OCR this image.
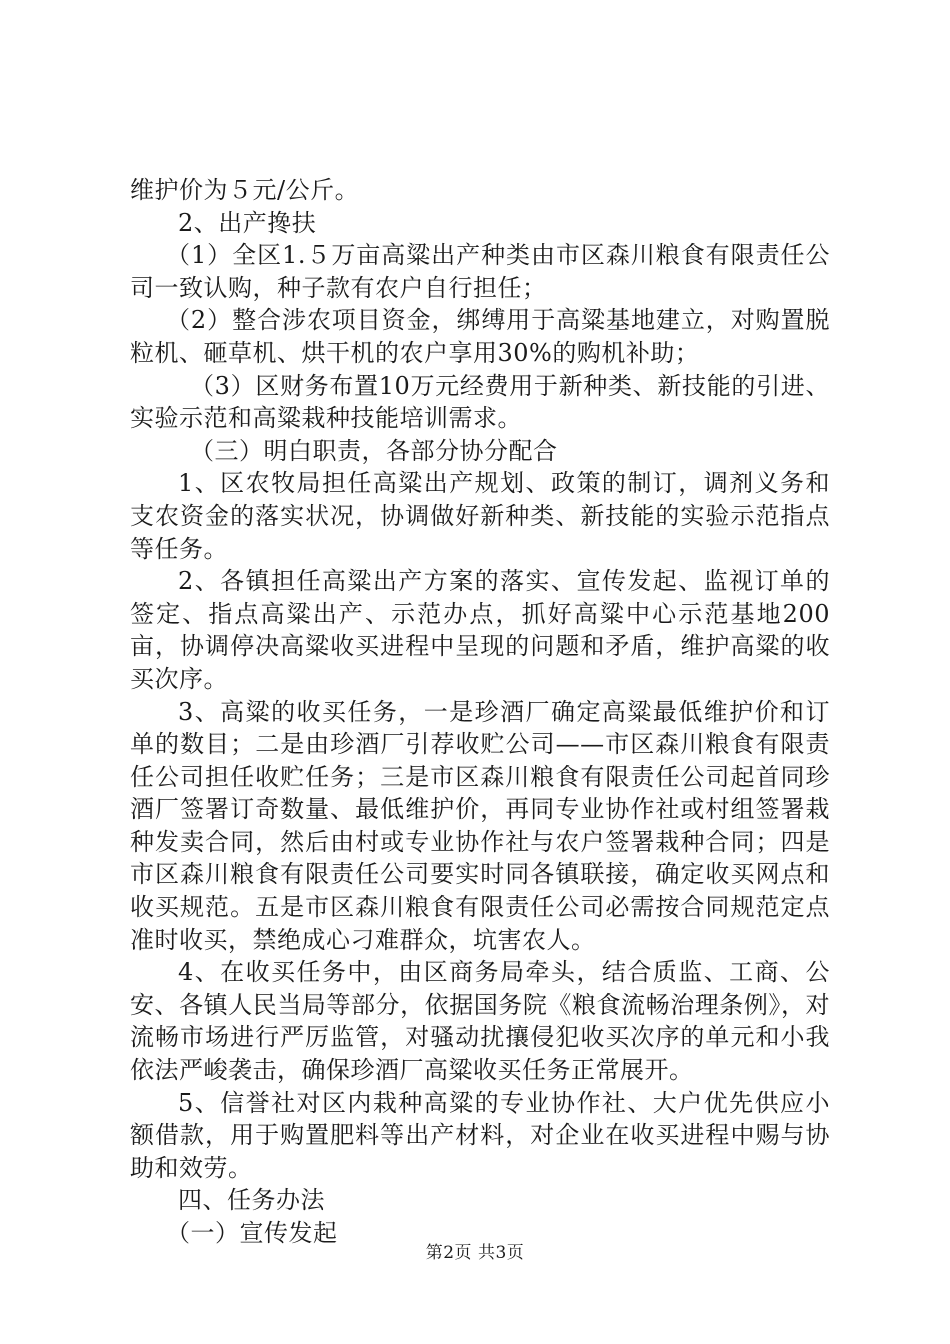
维护价为５元/公斤。

2、出产搀扶

（1）全区1.５万亩高粱出产种类由市区森川粮食有限责任公司一致认购，种子款有农户自行担任；

（2）整合涉农项目资金，绑缚用于高粱基地建立，对购置脱粒机、砸草机、烘干机的农户享用30%的购机补助；

（3）区财务布置10万元经费用于新种类、新技能的引进、实验示范和高粱栽种技能培训需求。

（三）明白职责，各部分协分配合

1、区农牧局担任高粱出产规划、政策的制订，调剂义务和支农资金的落实状况，协调做好新种类、新技能的实验示范指点等任务。

2、各镇担任高粱出产方案的落实、宣传发起、监视订单的签定、指点高粱出产、示范办点，抓好高粱中心示范基地200亩，协调停决高粱收买进程中呈现的问题和矛盾，维护高粱的收买次序。

3、高粱的收买任务，一是珍酒厂确定高粱最低维护价和订单的数目；二是由珍酒厂引荐收贮公司——市区森川粮食有限责任公司担任收贮任务；三是市区森川粮食有限责任公司起首同珍酒厂签署订奇数量、最低维护价，再同专业协作社或村组签署栽种发卖合同，然后由村或专业协作社与农户签署栽种合同；四是市区森川粮食有限责任公司要实时同各镇联接，确定收买网点和收买规范。五是市区森川粮食有限责任公司必需按合同规范定点准时收买，禁绝成心刁难群众，坑害农人。

4、在收买任务中，由区商务局牵头，结合质监、工商、公安、各镇人民当局等部分，依据国务院《粮食流畅治理条例》，对流畅市场进行严厉监管，对骚动扰攘侵犯收买次序的单元和小我依法严峻袭击，确保珍酒厂高粱收买任务正常展开。

5、信誉社对区内栽种高粱的专业协作社、大户优先供应小额借款，用于购置肥料等出产材料，对企业在收买进程中赐与协助和效劳。

四、任务办法

（一）宣传发起

第2页 共3页
